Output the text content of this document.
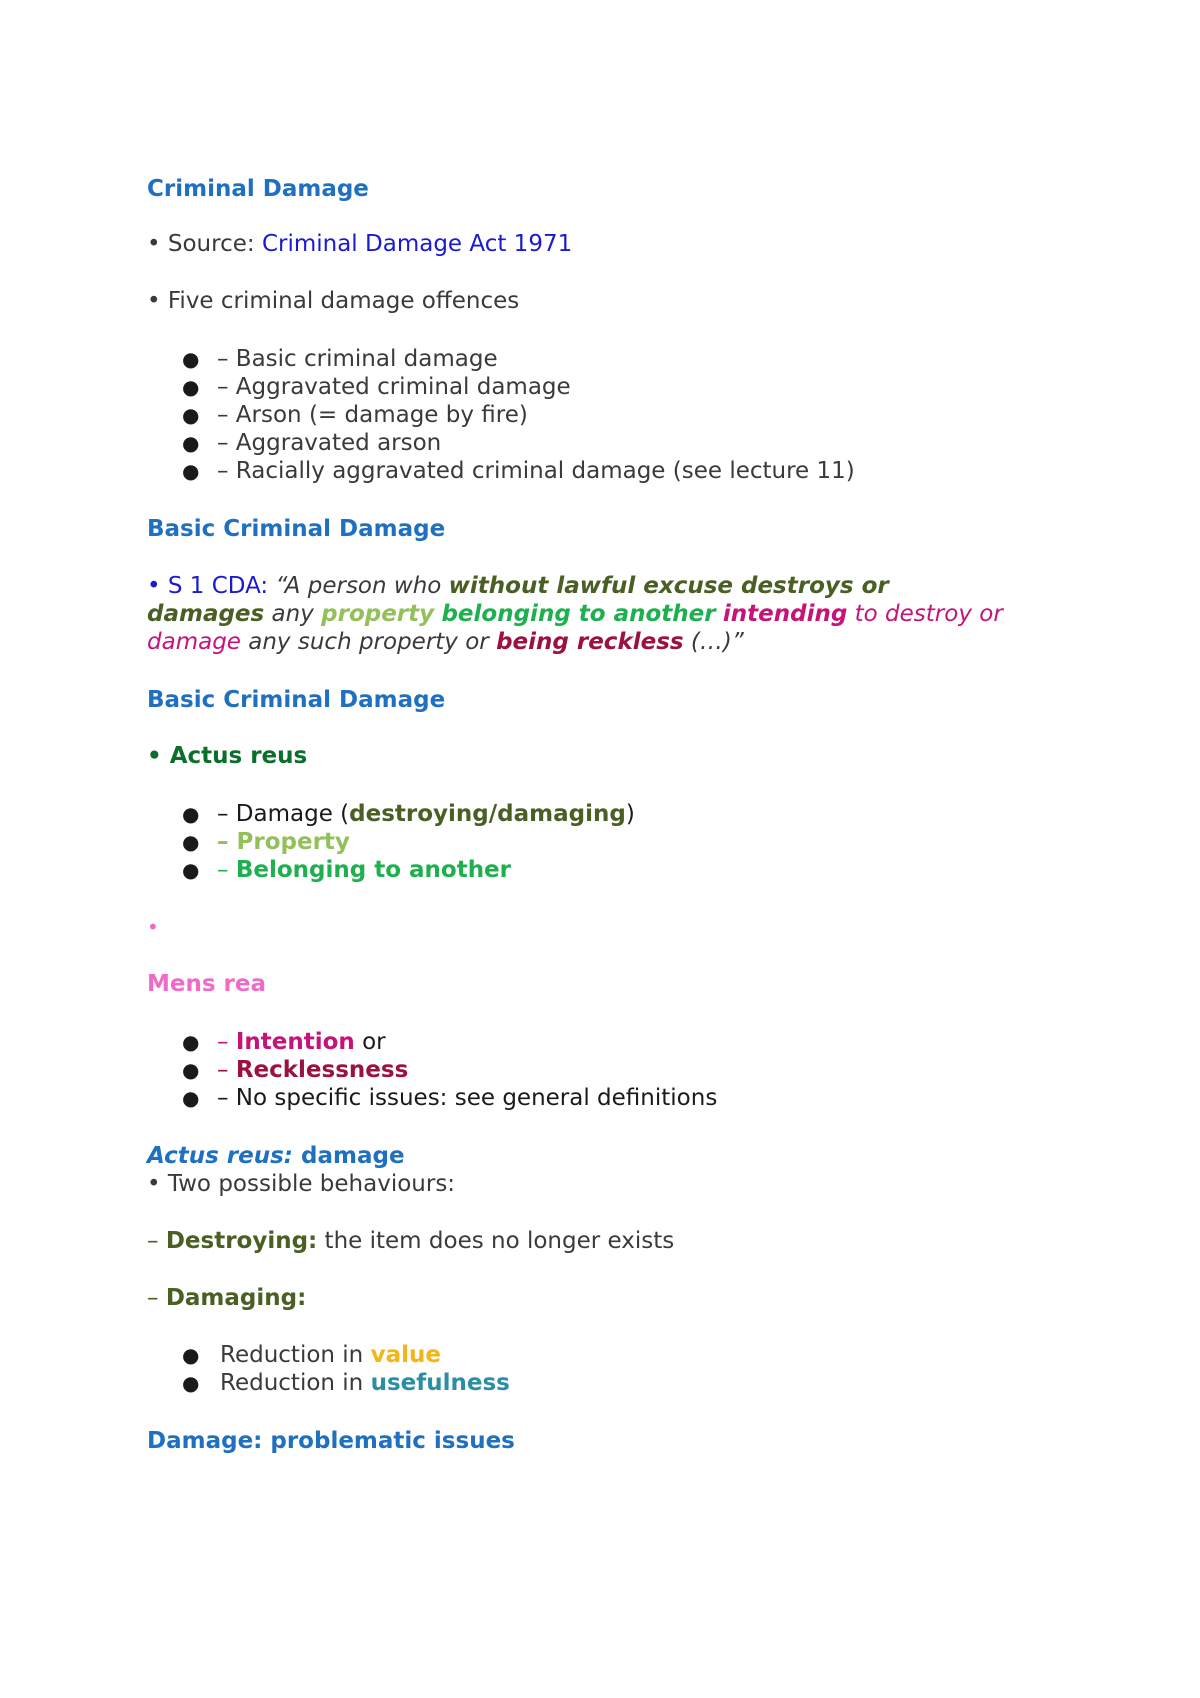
Criminal Damage
• Source: Criminal Damage Act 1971
• Five criminal damage offences
● – Basic criminal damage
● – Aggravated criminal damage
● – Arson (= damage by fire)
● – Aggravated arson
● – Racially aggravated criminal damage (see lecture 11)
Basic Criminal Damage
• S 1 CDA: “A person who without lawful excuse destroys or
damages any property belonging to another intending to destroy or
damage any such property or being reckless (…)”
Basic Criminal Damage
• Actus reus
● – Damage (destroying/damaging)
● – Property
● – Belonging to another
•
Mens rea
● – Intention or
● – Recklessness
● – No specific issues: see general definitions
Actus reus: damage
• Two possible behaviours:
– Destroying: the item does no longer exists
– Damaging:
● Reduction in value
● Reduction in usefulness
Damage: problematic issues
